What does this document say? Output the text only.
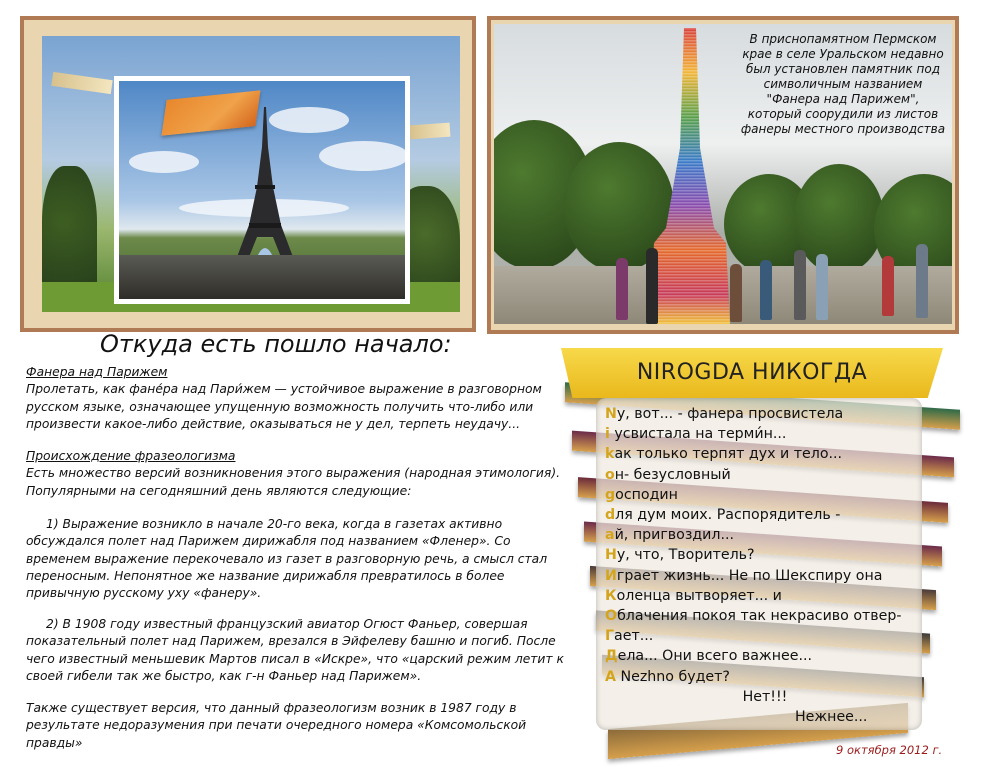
В приснопамятном Пермском крае в селе Уральском недавно был установлен памятник под символичным названием "Фанера над Парижем", который соорудили из листов фанеры местного производства
Откуда есть пошло начало:
Фанера над Парижем
Пролетать, как фане́ра над Пари́жем — устойчивое выражение в разговорном русском языке, означающее упущенную возможность получить что-либо или произвести какое-либо действие, оказываться не у дел, терпеть неудачу...
Происхождение фразеологизма
Есть множество версий возникновения этого выражения (народная этимология). Популярными на сегодняшний день являются следующие:
1) Выражение возникло в начале 20-го века, когда в газетах активно обсуждался полет над Парижем дирижабля под названием «Фленер». Со временем выражение перекочевало из газет в разговорную речь, а смысл стал переносным. Непонятное же название дирижабля превратилось в более привычную русскому уху «фанеру».
2) В 1908 году известный французский авиатор Огюст Фаньер, совершая показательный полет над Парижем, врезался в Эйфелеву башню и погиб. После чего известный меньшевик Мартов писал в «Искре», что «царский режим летит к своей гибели так же быстро, как г-н Фаньер над Парижем».
Также существует версия, что данный фразеологизм возник в 1987 году в результате недоразумения при печати очередного номера «Комсомольской правды»
NIROGDA НИКОГДА
Nу, вот... - фанера просвистела
i усвистала на терми́н...
kак только терпят дух и тело...
он- безусловный
gосподин
dля дум моих. Распорядитель -
aй, пригвоздил...
Ну, что, Творитель?
Играет жизнь... Не по Шекспиру она
Коленца вытворяет... и
Облачения покоя так некрасиво отвер-
Гает...
Дела... Они всего важнее...
А Nezhno будет?
Нет!!!
Нежнее...
9 октября 2012 г.
